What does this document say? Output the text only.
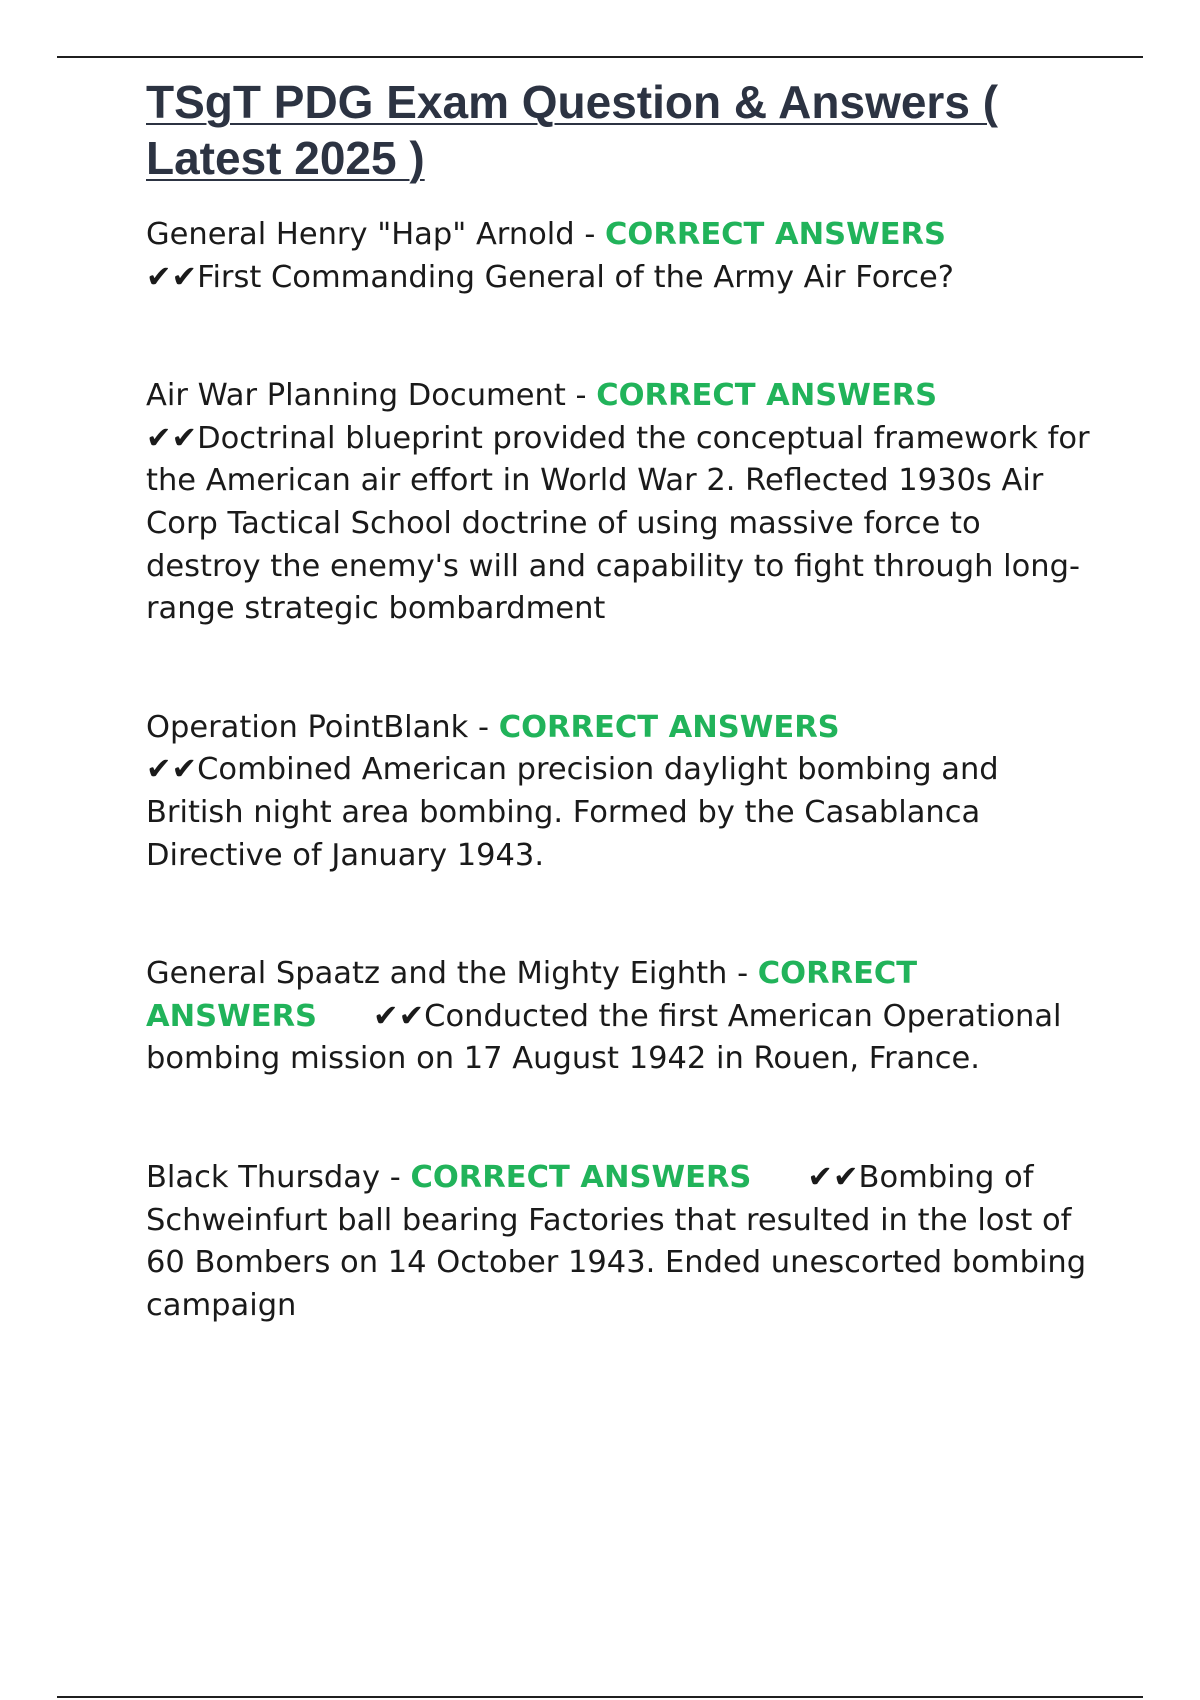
TSgT PDG Exam Question & Answers ( Latest 2025 )

General Henry "Hap" Arnold - CORRECT ANSWERS
✔✔First Commanding General of the Army Air Force?

Air War Planning Document - CORRECT ANSWERS
✔✔Doctrinal blueprint provided the conceptual framework for the American air effort in World War 2. Reflected 1930s Air Corp Tactical School doctrine of using massive force to destroy the enemy's will and capability to fight through long-range strategic bombardment

Operation PointBlank - CORRECT ANSWERS
✔✔Combined American precision daylight bombing and British night area bombing. Formed by the Casablanca Directive of January 1943.

General Spaatz and the Mighty Eighth - CORRECT ANSWERS ✔✔Conducted the first American Operational bombing mission on 17 August 1942 in Rouen, France.

Black Thursday - CORRECT ANSWERS ✔✔Bombing of Schweinfurt ball bearing Factories that resulted in the lost of 60 Bombers on 14 October 1943. Ended unescorted bombing campaign
